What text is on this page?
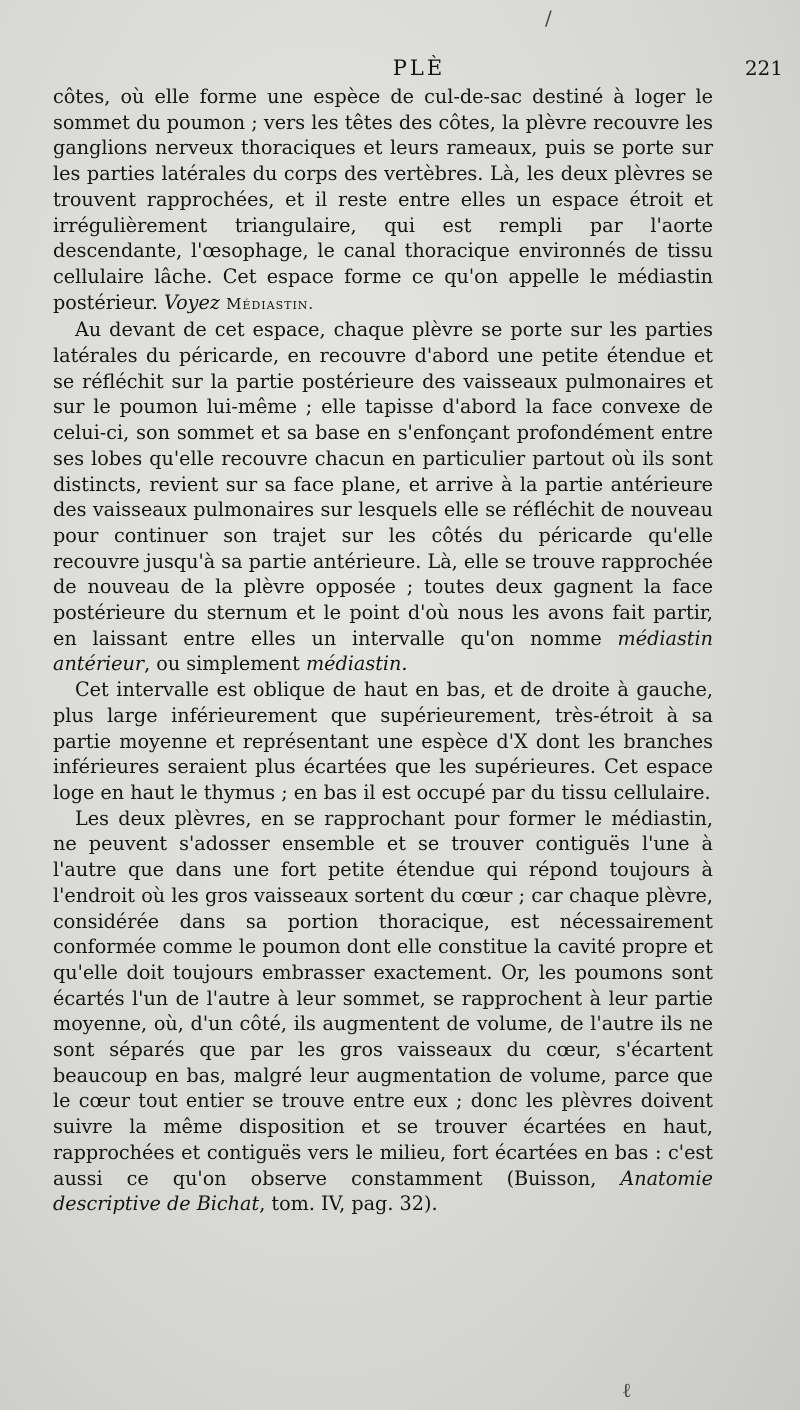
/
PLÈ	221

côtes, où elle forme une espèce de cul-de-sac destiné à loger le sommet du poumon ; vers les têtes des côtes, la plèvre recouvre les ganglions nerveux thoraciques et leurs rameaux, puis se porte sur les parties latérales du corps des vertèbres. Là, les deux plèvres se trouvent rapprochées, et il reste entre elles un espace étroit et irrégulièrement triangulaire, qui est rempli par l'aorte descendante, l'œsophage, le canal thoracique environnés de tissu cellulaire lâche. Cet espace forme ce qu'on appelle le médiastin postérieur. Voyez Médiastin.

Au devant de cet espace, chaque plèvre se porte sur les parties latérales du péricarde, en recouvre d'abord une petite étendue et se réfléchit sur la partie postérieure des vaisseaux pulmonaires et sur le poumon lui-même ; elle tapisse d'abord la face convexe de celui-ci, son sommet et sa base en s'enfonçant profondément entre ses lobes qu'elle recouvre chacun en particulier partout où ils sont distincts, revient sur sa face plane, et arrive à la partie antérieure des vaisseaux pulmonaires sur lesquels elle se réfléchit de nouveau pour continuer son trajet sur les côtés du péricarde qu'elle recouvre jusqu'à sa partie antérieure. Là, elle se trouve rapprochée de nouveau de la plèvre opposée ; toutes deux gagnent la face postérieure du sternum et le point d'où nous les avons fait partir, en laissant entre elles un intervalle qu'on nomme médiastin antérieur, ou simplement médiastin.

Cet intervalle est oblique de haut en bas, et de droite à gauche, plus large inférieurement que supérieurement, très-étroit à sa partie moyenne et représentant une espèce d'X dont les branches inférieures seraient plus écartées que les supérieures. Cet espace loge en haut le thymus ; en bas il est occupé par du tissu cellulaire.

Les deux plèvres, en se rapprochant pour former le médiastin, ne peuvent s'adosser ensemble et se trouver contiguës l'une à l'autre que dans une fort petite étendue qui répond toujours à l'endroit où les gros vaisseaux sortent du cœur ; car chaque plèvre, considérée dans sa portion thoracique, est nécessairement conformée comme le poumon dont elle constitue la cavité propre et qu'elle doit toujours embrasser exactement. Or, les poumons sont écartés l'un de l'autre à leur sommet, se rapprochent à leur partie moyenne, où, d'un côté, ils augmentent de volume, de l'autre ils ne sont séparés que par les gros vaisseaux du cœur, s'écartent beaucoup en bas, malgré leur augmentation de volume, parce que le cœur tout entier se trouve entre eux ; donc les plèvres doivent suivre la même disposition et se trouver écartées en haut, rapprochées et contiguës vers le milieu, fort écartées en bas : c'est aussi ce qu'on observe constamment (Buisson, Anatomie descriptive de Bichat, tom. IV, pag. 32).

ℓ
